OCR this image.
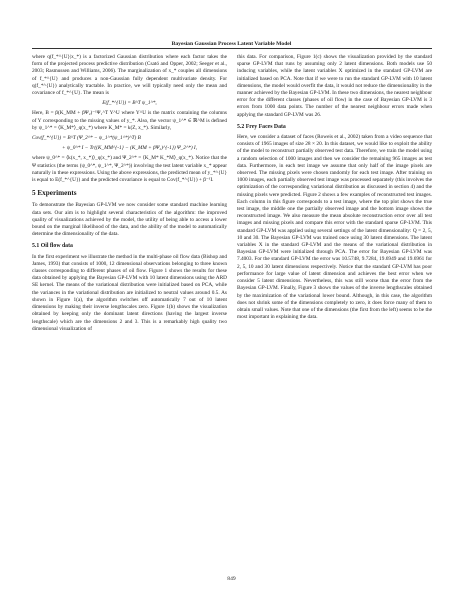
Bayesian Gaussian Process Latent Variable Model

where q(f_*^{U}|x_*) is a factorized Gaussian distribution where each factor takes the form of the projected process predictive distribution (Csató and Opper, 2002; Seeger et al., 2003; Rasmussen and Williams, 2006). The marginalization of x_* couples all dimensions of f_*^{U} and produces a non-Gaussian fully dependent multivariate density. For q(f_*^{U}) analytically tractable. In practice, we will typically need only the mean and covariance of f_*^{U}. The mean is

E(f_*^{U}) = B^T ψ_1^*,

Here, B = β(K_MM + βΨ₂)⁻¹Ψ₁^T Y^U where Y^U is the matrix containing the columns of Y corresponding to the missing values of y_*. Also, the vector ψ_1^* ∈ ℝ^M is defined by ψ_1^* = ⟨K_M*⟩_q(x_*) where K_M* = k(Z, x_*). Similarly,

Cov(f_*^{U}) = B^T (Ψ_2^* − ψ_1^*(ψ_1^*)^T) B
+ ψ_0^* I − Tr((K_MM^{-1} − (K_MM + βΨ₂)^{-1}) Ψ_2^*) I,

where ψ_0^* = ⟨k(x_*, x_*)⟩_q(x_*) and Ψ_2^* = ⟨K_M* K_*M⟩_q(x_*). Notice that the Ψ statistics (the terms (ψ_0^*, ψ_1^*, Ψ_2^*)) involving the test latent variable x_* appear naturally in these expressions. Using the above expressions, the predicted mean of y_*^{U} is equal to E(f_*^{U}) and the predicted covariance is equal to Cov(f_*^{U}) + β⁻¹I.

5 Experiments

To demonstrate the Bayesian GP-LVM we now consider some standard machine learning data sets. Our aim is to highlight several characteristics of the algorithm: the improved quality of visualizations achieved by the model, the utility of being able to access a lower bound on the marginal likelihood of the data, and the ability of the model to automatically determine the dimensionality of the data.

5.1 Oil flow data

In the first experiment we illustrate the method in the multi-phase oil flow data (Bishop and James, 1993) that consists of 1000, 12 dimensional observations belonging to three known classes corresponding to different phases of oil flow. Figure 1 shows the results for these data obtained by applying the Bayesian GP-LVM with 10 latent dimensions using the ARD SE kernel. The means of the variational distribution were initialized based on PCA, while the variances in the variational distribution are initialized to neutral values around 0.5. As shown in Figure 1(a), the algorithm switches off automatically 7 out of 10 latent dimensions by making their inverse lengthscales zero. Figure 1(b) shows the visualization obtained by keeping only the dominant latent directions (having the largest inverse lengthscale) which are the dimensions 2 and 3. This is a remarkably high quality two dimensional visualization of

this data. For comparison, Figure 1(c) shows the visualization provided by the standard sparse GP-LVM that runs by assuming only 2 latent dimensions. Both models use 50 inducing variables, while the latent variables X optimized in the standard GP-LVM are initialized based on PCA. Note that if we were to run the standard GP-LVM with 10 latent dimensions, the model would overfit the data, it would not reduce the dimensionality in the manner achieved by the Bayesian GP-LVM. In these two dimensions, the nearest neighbour error for the different classes (phases of oil flow) in the case of Bayesian GP-LVM is 3 errors from 1000 data points. The number of the nearest neighbour errors made when applying the standard GP-LVM was 26.

5.2 Frey Faces Data

Here, we consider a dataset of faces (Roweis et al., 2002) taken from a video sequence that consists of 1965 images of size 28 × 20. In this dataset, we would like to exploit the ability of the model to reconstruct partially observed test data. Therefore, we train the model using a random selection of 1000 images and then we consider the remaining 965 images as test data. Furthermore, in each test image we assume that only half of the image pixels are observed. The missing pixels were chosen randomly for each test image. After training on 1000 images, each partially observed test image was processed separately (this involves the optimization of the corresponding variational distribution as discussed in section 4) and the missing pixels were predicted. Figure 2 shows a few examples of reconstructed test images. Each column in this figure corresponds to a test image, where the top plot shows the true test image, the middle one the partially observed image and the bottom image shows the reconstructed image. We also measure the mean absolute reconstruction error over all test images and missing pixels and compare this error with the standard sparse GP-LVM. This standard GP-LVM was applied using several settings of the latent dimensionality: Q = 2, 5, 10 and 30. The Bayesian GP-LVM was trained once using 30 latent dimensions. The latent variables X in the standard GP-LVM and the means of the variational distribution in Bayesian GP-LVM were initialized through PCA. The error for Bayesian GP-LVM was 7.4003. For the standard GP-LVM the error was 10.5748, 9.7284, 19.6949 and 19.6961 for 2, 5, 10 and 30 latent dimensions respectively. Notice that the standard GP-LVM has poor performance for large value of latent dimension and achieves the best error when we consider 5 latent dimensions. Nevertheless, this was still worse than the error from the Bayesian GP-LVM. Finally, Figure 3 shows the values of the inverse lengthscales obtained by the maximization of the variational lower bound. Although, in this case, the algorithm does not shrink some of the dimensions completely to zero, it does force many of them to obtain small values. Note that one of the dimensions (the first from the left) seems to be the most important in explaining the data.

849
